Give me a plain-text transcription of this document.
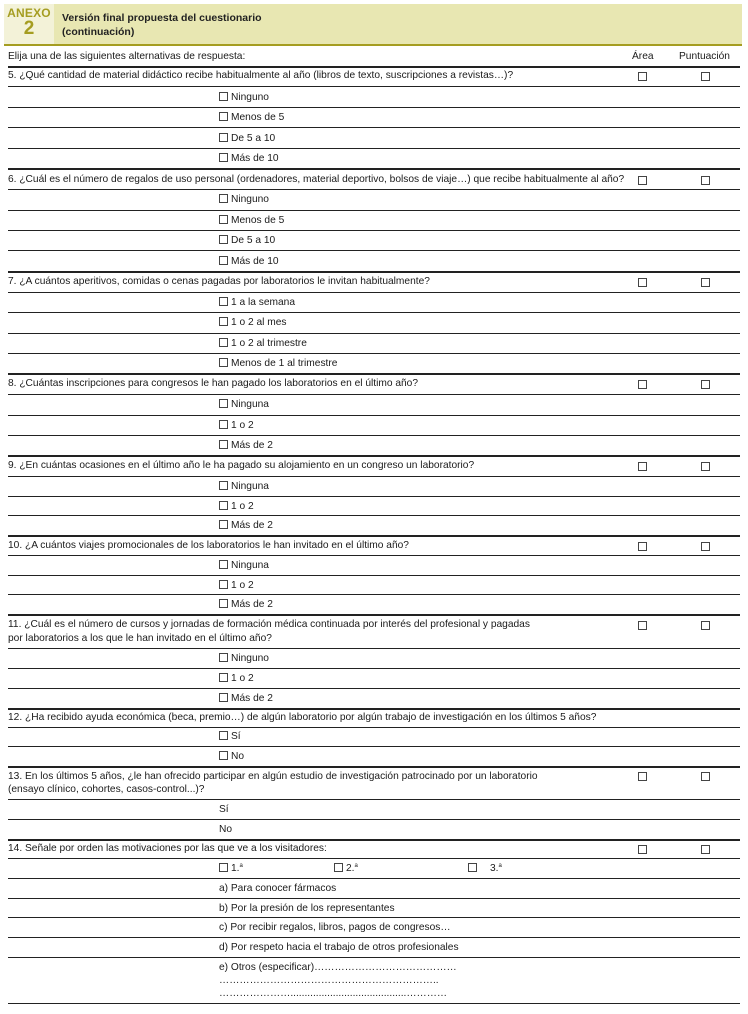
ANEXO
2	Versión final propuesta del cuestionario
(continuación)
Elija una de las siguientes alternativas de respuesta:	Área Puntuación
5. ¿Qué cantidad de material didáctico recibe habitualmente al año (libros de texto, suscripciones a revistas…)?
Ninguno
Menos de 5
De 5 a 10
Más de 10
6. ¿Cuál es el número de regalos de uso personal (ordenadores, material deportivo, bolsos de viaje…) que recibe habitualmente al año?
Ninguno
Menos de 5
De 5 a 10
Más de 10
7. ¿A cuántos aperitivos, comidas o cenas pagadas por laboratorios le invitan habitualmente?
1 a la semana
1 o 2 al mes
1 o 2 al trimestre
Menos de 1 al trimestre
8. ¿Cuántas inscripciones para congresos le han pagado los laboratorios en el último año?
Ninguna
1 o 2
Más de 2
9. ¿En cuántas ocasiones en el último año le ha pagado su alojamiento en un congreso un laboratorio?
Ninguna
1 o 2
Más de 2
10. ¿A cuántos viajes promocionales de los laboratorios le han invitado en el último año?
Ninguna
1 o 2
Más de 2
11. ¿Cuál es el número de cursos y jornadas de formación médica continuada por interés del profesional y pagadas
por laboratorios a los que le han invitado en el último año?
Ninguno
1 o 2
Más de 2
12. ¿Ha recibido ayuda económica (beca, premio…) de algún laboratorio por algún trabajo de investigación en los últimos 5 años?
Sí
No
13. En los últimos 5 años, ¿le han ofrecido participar en algún estudio de investigación patrocinado por un laboratorio
(ensayo clínico, cohortes, casos-control...)?
Sí
No
14. Señale por orden las motivaciones por las que ve a los visitadores:
1.$^a$	2.$^a$	3.$^a$
a) Para conocer fármacos
b) Por la presión de los representantes
c) Por recibir regalos, libros, pagos de congresos…
d) Por respeto hacia el trabajo de otros profesionales
e) Otros (especificar)……………………………………
………………………………………………………..
………………….........................................…………
